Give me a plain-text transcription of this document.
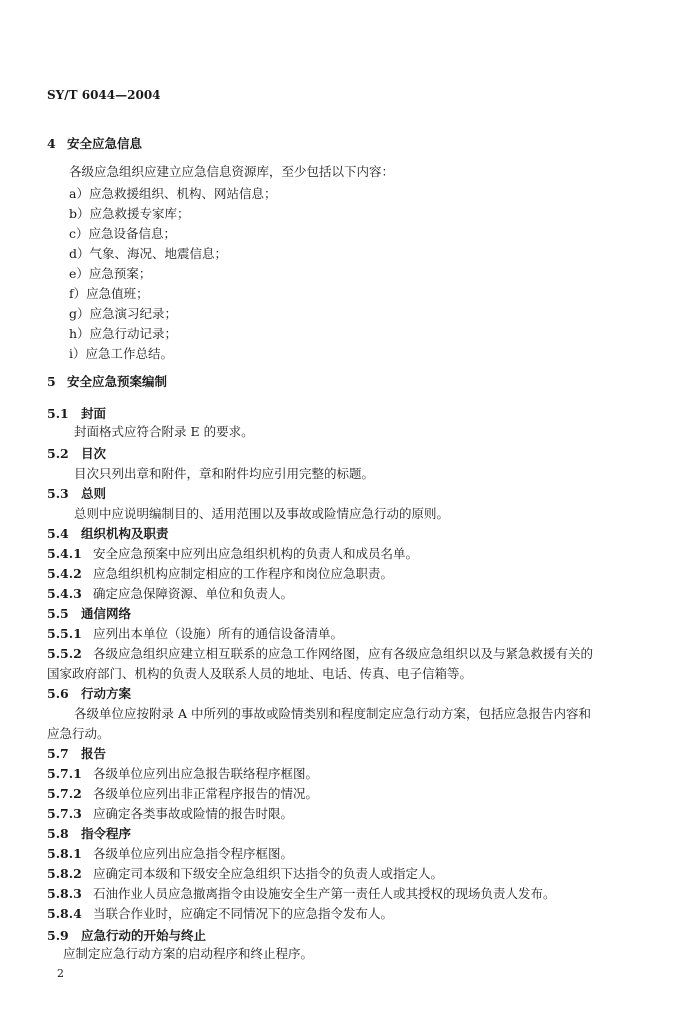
SY/T 6044—2004
4 安全应急信息
各级应急组织应建立应急信息资源库，至少包括以下内容：
a）应急救援组织、机构、网站信息；
b）应急救援专家库；
c）应急设备信息；
d）气象、海况、地震信息；
e）应急预案；
f）应急值班；
g）应急演习纪录；
h）应急行动记录；
i）应急工作总结。
5 安全应急预案编制
5.1 封面
封面格式应符合附录 E 的要求。
5.2 目次
目次只列出章和附件，章和附件均应引用完整的标题。
5.3 总则
总则中应说明编制目的、适用范围以及事故或险情应急行动的原则。
5.4 组织机构及职责
5.4.1 安全应急预案中应列出应急组织机构的负责人和成员名单。
5.4.2 应急组织机构应制定相应的工作程序和岗位应急职责。
5.4.3 确定应急保障资源、单位和负责人。
5.5 通信网络
5.5.1 应列出本单位（设施）所有的通信设备清单。
5.5.2 各级应急组织应建立相互联系的应急工作网络图，应有各级应急组织以及与紧急救援有关的
国家政府部门、机构的负责人及联系人员的地址、电话、传真、电子信箱等。
5.6 行动方案
各级单位应按附录 A 中所列的事故或险情类别和程度制定应急行动方案，包括应急报告内容和
应急行动。
5.7 报告
5.7.1 各级单位应列出应急报告联络程序框图。
5.7.2 各级单位应列出非正常程序报告的情况。
5.7.3 应确定各类事故或险情的报告时限。
5.8 指令程序
5.8.1 各级单位应列出应急指令程序框图。
5.8.2 应确定司本级和下级安全应急组织下达指令的负责人或指定人。
5.8.3 石油作业人员应急撤离指令由设施安全生产第一责任人或其授权的现场负责人发布。
5.8.4 当联合作业时，应确定不同情况下的应急指令发布人。
5.9 应急行动的开始与终止
应制定应急行动方案的启动程序和终止程序。
2
